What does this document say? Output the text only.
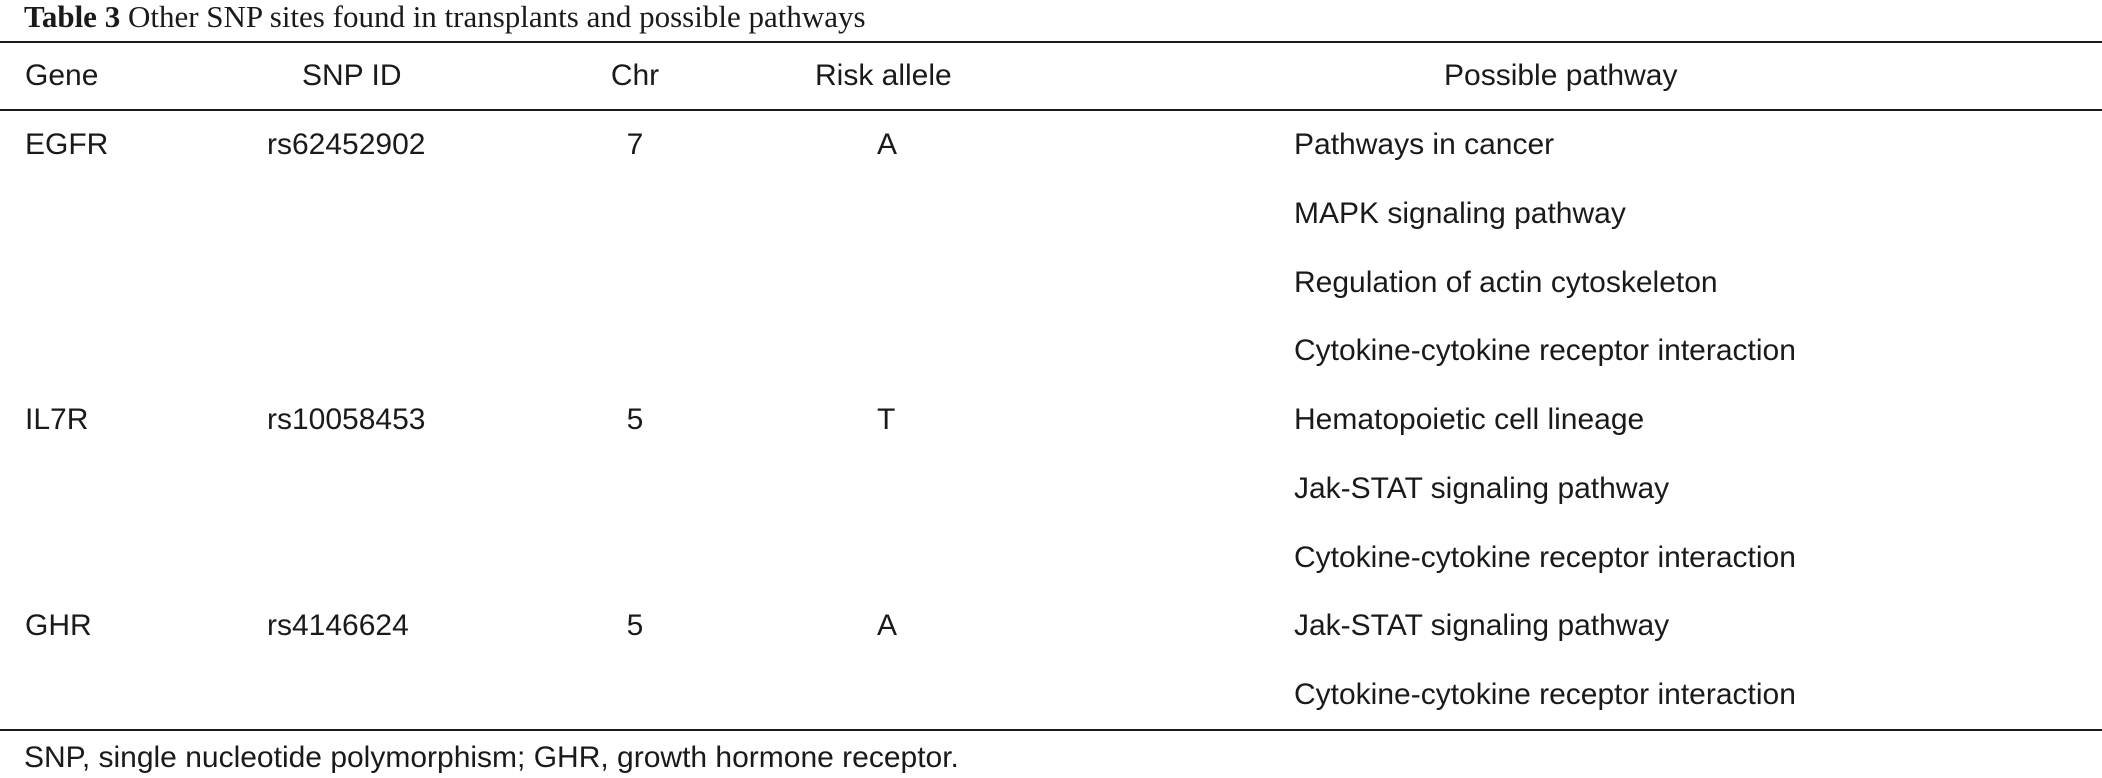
Table 3 Other SNP sites found in transplants and possible pathways
Gene	SNP ID	Chr	Risk allele	Possible pathway
EGFR	rs62452902	7	A	Pathways in cancer
				MAPK signaling pathway
				Regulation of actin cytoskeleton
				Cytokine-cytokine receptor interaction
IL7R	rs10058453	5	T	Hematopoietic cell lineage
				Jak-STAT signaling pathway
				Cytokine-cytokine receptor interaction
GHR	rs4146624	5	A	Jak-STAT signaling pathway
				Cytokine-cytokine receptor interaction
SNP, single nucleotide polymorphism; GHR, growth hormone receptor.
